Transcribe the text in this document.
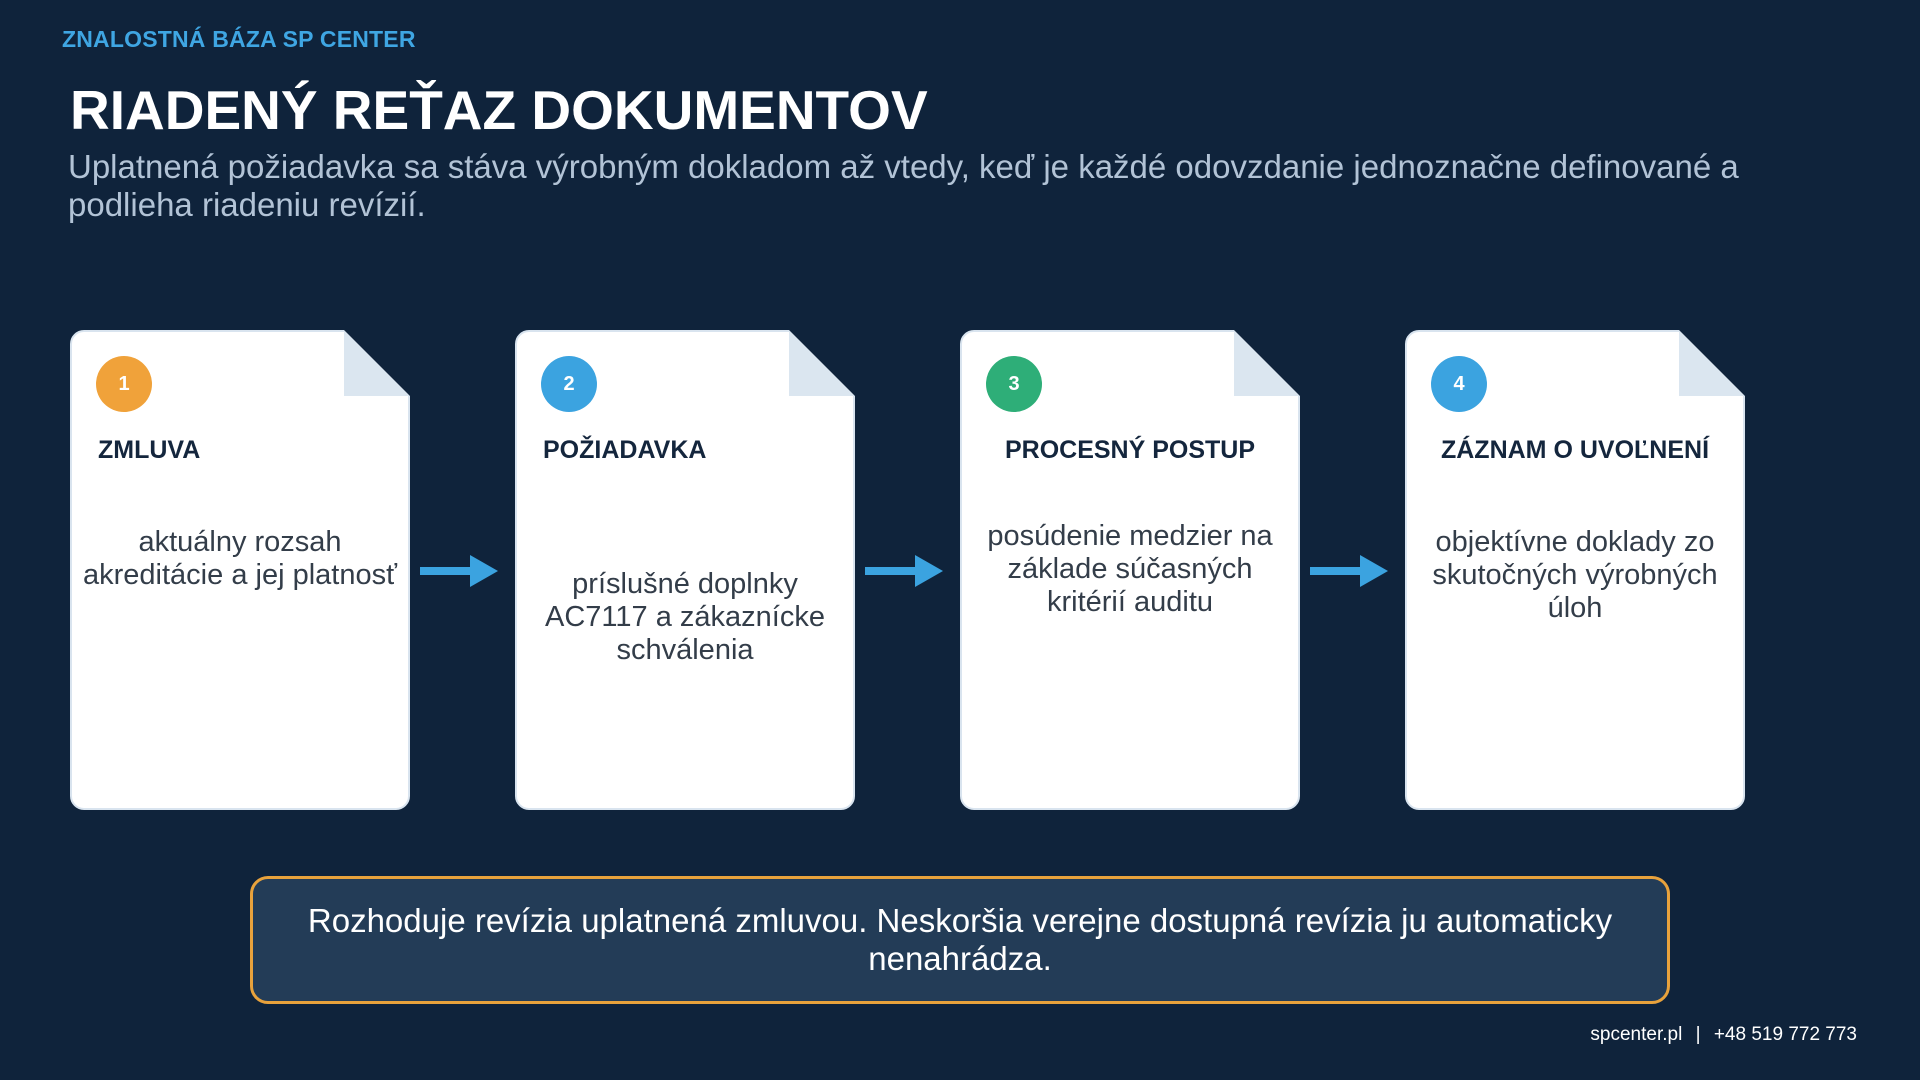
ZNALOSTNÁ BÁZA SP CENTER
RIADENÝ REŤAZ DOKUMENTOV

Uplatnená požiadavka sa stáva výrobným dokladom až vtedy, keď je každé odovzdanie jednoznačne definované a podlieha riadeniu revízií.

1
ZMLUVA
aktuálny rozsah akreditácie a jej platnosť
2
POŽIADAVKA
príslušné doplnky AC7117 a zákaznícke schválenia
3
PROCESNÝ POSTUP
posúdenie medzier na základe súčasných kritérií auditu
4
ZÁZNAM O UVOĽNENÍ
objektívne doklady zo skutočných výrobných úloh
Rozhoduje revízia uplatnená zmluvou. Neskoršia verejne dostupná revízia ju automaticky nenahrádza.
spcenter.pl | +48 519 772 773
